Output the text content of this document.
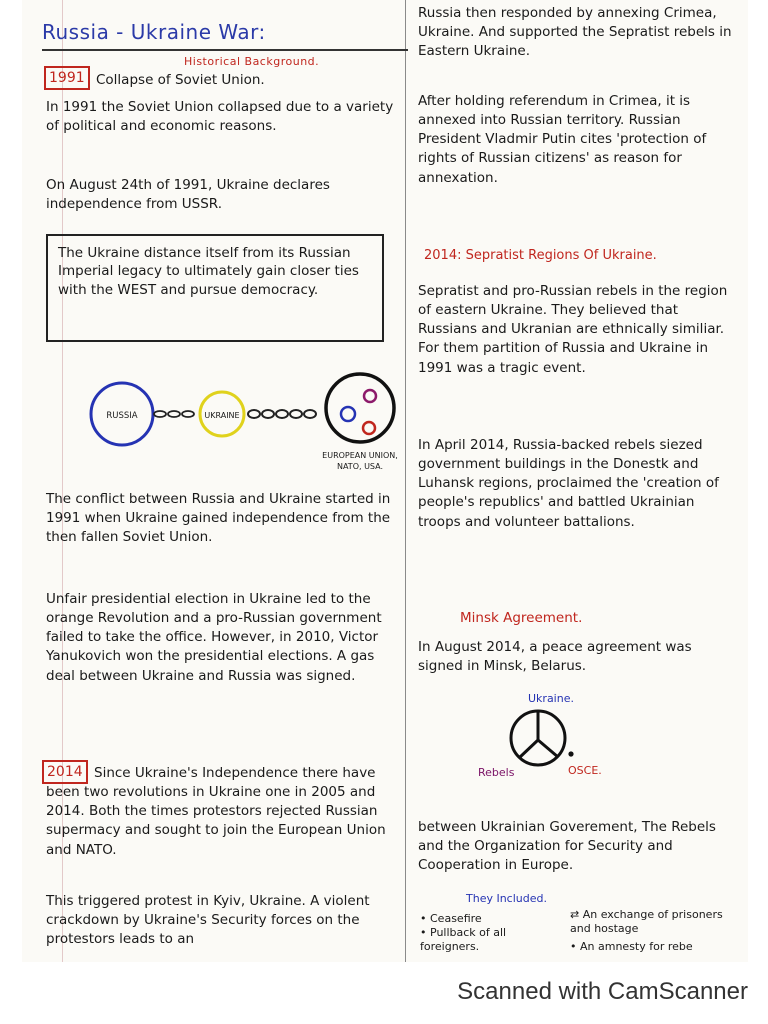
Russia - Ukraine War:
Historical Background.
1991 Collapse of Soviet Union.
In 1991 the Soviet Union collapsed due to a variety of political and economic reasons.
On August 24th of 1991, Ukraine declares independence from USSR.
The Ukraine distance itself from its Russian Imperial legacy to ultimately gain closer ties with the WEST and pursue democracy.
RUSSIA	UKRAINE
EUROPEAN UNION, NATO, USA.
The conflict between Russia and Ukraine started in 1991 when Ukraine gained independence from the then fallen Soviet Union.
Unfair presidential election in Ukraine led to the orange Revolution and a pro-Russian government failed to take the office. However, in 2010, Victor Yanukovich won the presidential elections. A gas deal between Ukraine and Russia was signed.
2014 Since Ukraine's Independence there have been two revolutions in Ukraine one in 2005 and 2014. Both the times protestors rejected Russian supermacy and sought to join the European Union and NATO.
This triggered protest in Kyiv, Ukraine. A violent crackdown by Ukraine's Security forces on the protestors leads to an
Russia then responded by annexing Crimea, Ukraine. And supported the Sepratist rebels in Eastern Ukraine.
After holding referendum in Crimea, it is annexed into Russian territory. Russian President Vladmir Putin cites 'protection of rights of Russian citizens' as reason for annexation.
2014: Sepratist Regions Of Ukraine.
Sepratist and pro-Russian rebels in the region of eastern Ukraine. They believed that Russians and Ukranian are ethnically similiar. For them partition of Russia and Ukraine in 1991 was a tragic event.
In April 2014, Russia-backed rebels siezed government buildings in the Donestk and Luhansk regions, proclaimed the 'creation of people's republics' and battled Ukrainian troops and volunteer battalions.
Minsk Agreement.
In August 2014, a peace agreement was signed in Minsk, Belarus.
Ukraine.
Rebels	OSCE.
between Ukrainian Goverement, The Rebels and the Organization for Security and Cooperation in Europe.
They Included.
• Ceasefire
• Pullback of all foreigners.
⇄ An exchange of prisoners and hostage
• An amnesty for rebe
Scanned with CamScanner
